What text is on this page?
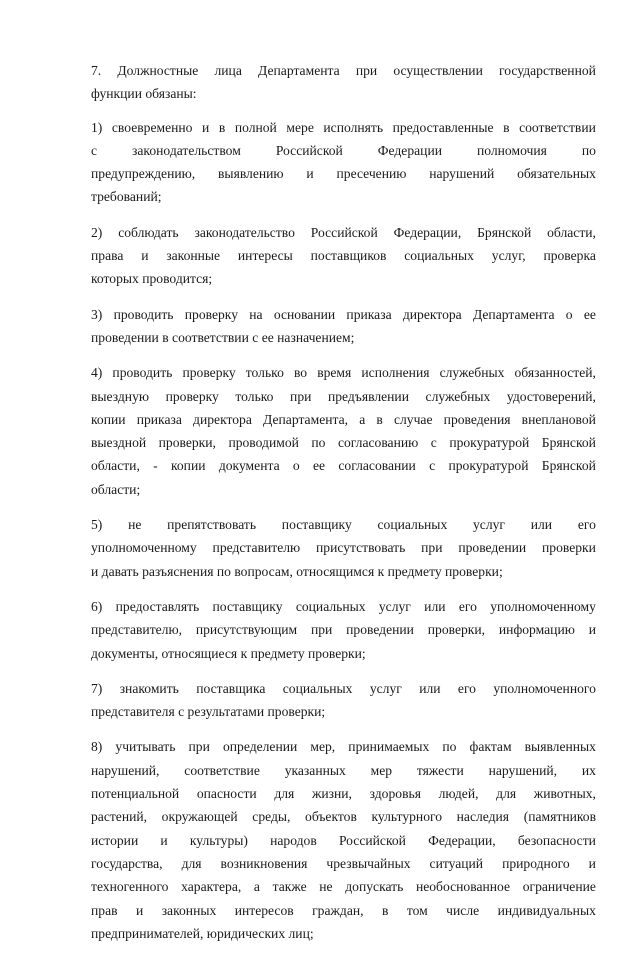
7. Должностные лица Департамента при осуществлении государственной
функции обязаны:

1) своевременно и в полной мере исполнять предоставленные в соответствии
с	законодательством	Российской	Федерации	полномочия	по
предупреждению, выявлению и пресечению нарушений обязательных
требований;

2) соблюдать законодательство Российской Федерации, Брянской области,
права и законные интересы поставщиков социальных услуг, проверка
которых проводится;

3) проводить проверку на основании приказа директора Департамента о ее
проведении в соответствии с ее назначением;

4) проводить проверку только во время исполнения служебных обязанностей,
выездную проверку только при предъявлении служебных удостоверений,
копии приказа директора Департамента, а в случае проведения внеплановой
выездной проверки, проводимой по согласованию с прокуратурой Брянской
области, - копии документа о ее согласовании с прокуратурой Брянской
области;

5) не препятствовать поставщику социальных услуг или его
уполномоченному представителю присутствовать при проведении проверки
и давать разъяснения по вопросам, относящимся к предмету проверки;

6) предоставлять поставщику социальных услуг или его уполномоченному
представителю, присутствующим при проведении проверки, информацию и
документы, относящиеся к предмету проверки;

7) знакомить поставщика социальных услуг или его уполномоченного
представителя с результатами проверки;

8) учитывать при определении мер, принимаемых по фактам выявленных
нарушений, соответствие указанных мер тяжести нарушений, их
потенциальной опасности для жизни, здоровья людей, для животных,
растений, окружающей среды, объектов культурного наследия (памятников
истории и культуры) народов Российской Федерации, безопасности
государства, для возникновения чрезвычайных ситуаций природного и
техногенного характера, а также не допускать необоснованное ограничение
прав и законных интересов граждан, в том числе индивидуальных
предпринимателей, юридических лиц;
